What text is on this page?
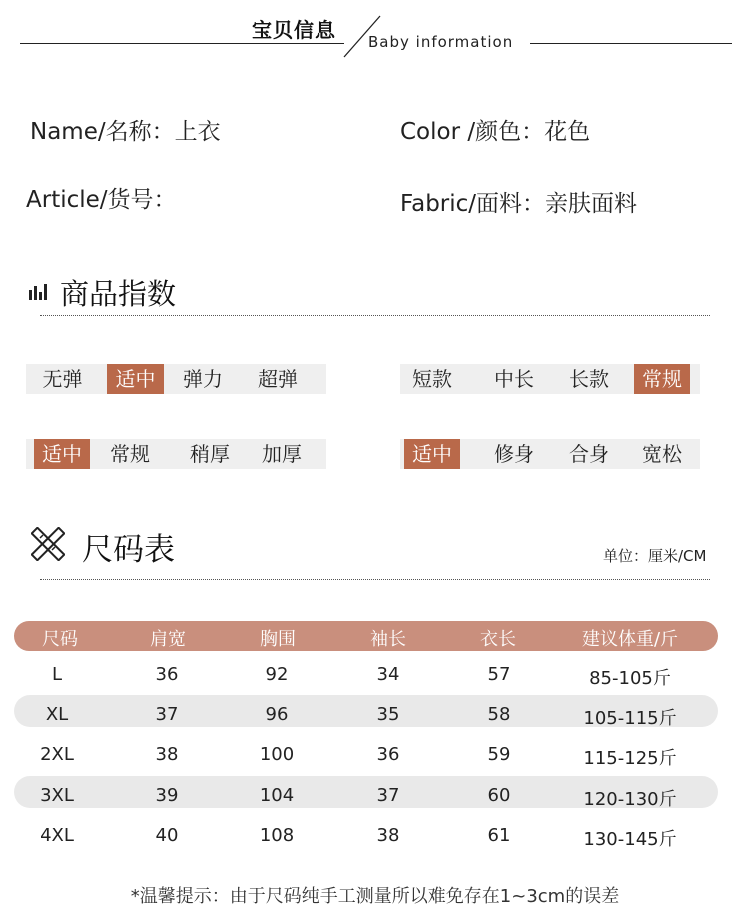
宝贝信息 Baby information
Name/名称：上衣	Color /颜色：花色
Article/货号：	Fabric/面料：亲肤面料
商品指数
无弹	适中	弹力	超弹	短款	中长	长款	常规
适中	常规	稍厚	加厚	适中	修身	合身	宽松
尺码表	单位：厘米/CM
尺码	肩宽	胸围	袖长	衣长	建议体重/斤
L	36	92	34	57	85-105斤
XL	37	96	35	58	105-115斤
2XL	38	100	36	59	115-125斤
3XL	39	104	37	60	120-130斤
4XL	40	108	38	61	130-145斤
*温馨提示：由于尺码纯手工测量所以难免存在1~3cm的误差
